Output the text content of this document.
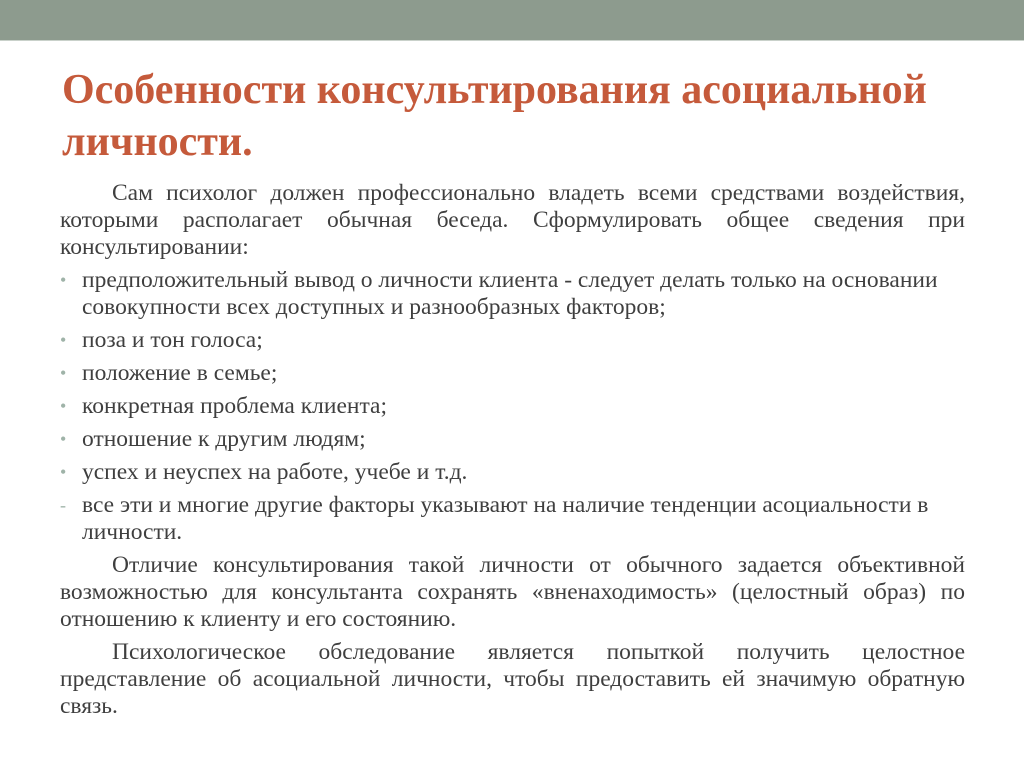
Особенности консультирования асоциальной личности.

Сам психолог должен профессионально владеть всеми средствами воздействия, которыми располагает обычная беседа. Сформулировать общее сведения при консультировании:

• предположительный вывод о личности клиента - следует делать только на основании совокупности всех доступных и разнообразных факторов;
• поза и тон голоса;
• положение в семье;
• конкретная проблема клиента;
• отношение к другим людям;
• успех и неуспех на работе, учебе и т.д.
- все эти и многие другие факторы указывают на наличие тенденции асоциальности в личности.

Отличие консультирования такой личности от обычного задается объективной возможностью для консультанта сохранять «вненаходимость» (целостный образ) по отношению к клиенту и его состоянию.

Психологическое обследование является попыткой получить целостное представление об асоциальной личности, чтобы предоставить ей значимую обратную связь.
